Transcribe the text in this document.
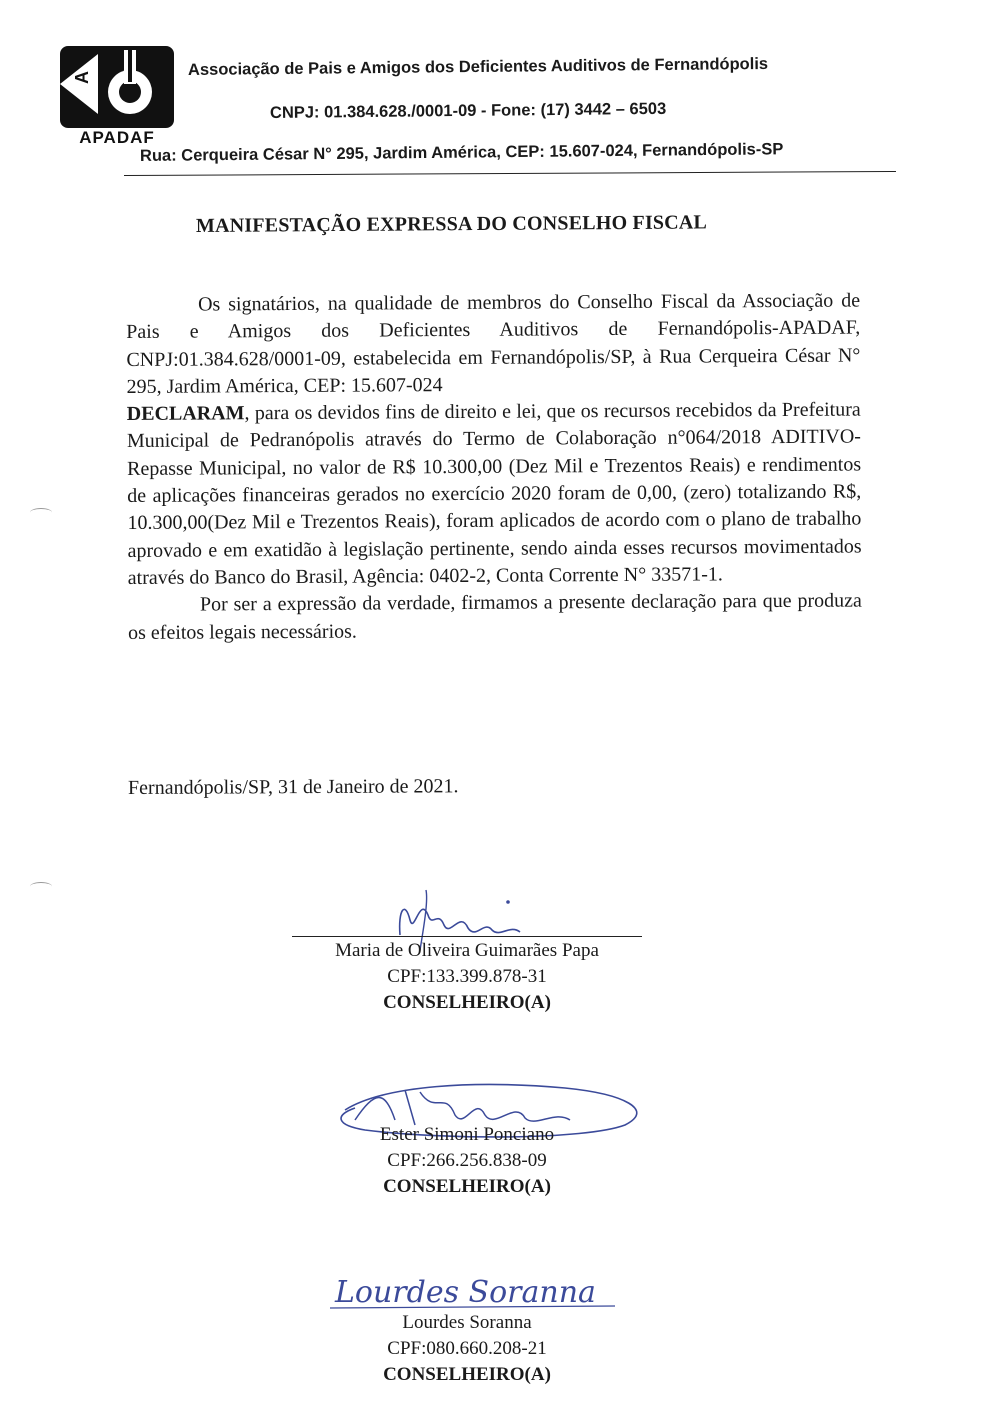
A
APADAF
Associação de Pais e Amigos dos Deficientes Auditivos de Fernandópolis
CNPJ: 01.384.628./0001-09 - Fone: (17) 3442 – 6503
Rua: Cerqueira César N° 295, Jardim América, CEP: 15.607-024, Fernandópolis-SP
MANIFESTAÇÃO EXPRESSA DO CONSELHO FISCAL

Os signatários, na qualidade de membros do Conselho Fiscal da Associação de Pais e Amigos dos Deficientes Auditivos de Fernandópolis-APADAF, CNPJ:01.384.628/0001-09, estabelecida em Fernandópolis/SP, à Rua Cerqueira César N° 295, Jardim América, CEP: 15.607-024

DECLARAM, para os devidos fins de direito e lei, que os recursos recebidos da Prefeitura Municipal de Pedranópolis através do Termo de Colaboração n°064/2018 ADITIVO-Repasse Municipal, no valor de R$ 10.300,00 (Dez Mil e Trezentos Reais) e rendimentos de aplicações financeiras gerados no exercício 2020 foram de 0,00, (zero) totalizando R$, 10.300,00(Dez Mil e Trezentos Reais), foram aplicados de acordo com o plano de trabalho aprovado e em exatidão à legislação pertinente, sendo ainda esses recursos movimentados através do Banco do Brasil, Agência: 0402-2, Conta Corrente N° 33571-1.

Por ser a expressão da verdade, firmamos a presente declaração para que produza os efeitos legais necessários.

Fernandópolis/SP, 31 de Janeiro de 2021.
Maria de Oliveira Guimarães Papa
CPF:133.399.878-31
CONSELHEIRO(A)
Ester Simoni Ponciano
CPF:266.256.838-09
CONSELHEIRO(A)
Lourdes Soranna
Lourdes Soranna
CPF:080.660.208-21
CONSELHEIRO(A)
